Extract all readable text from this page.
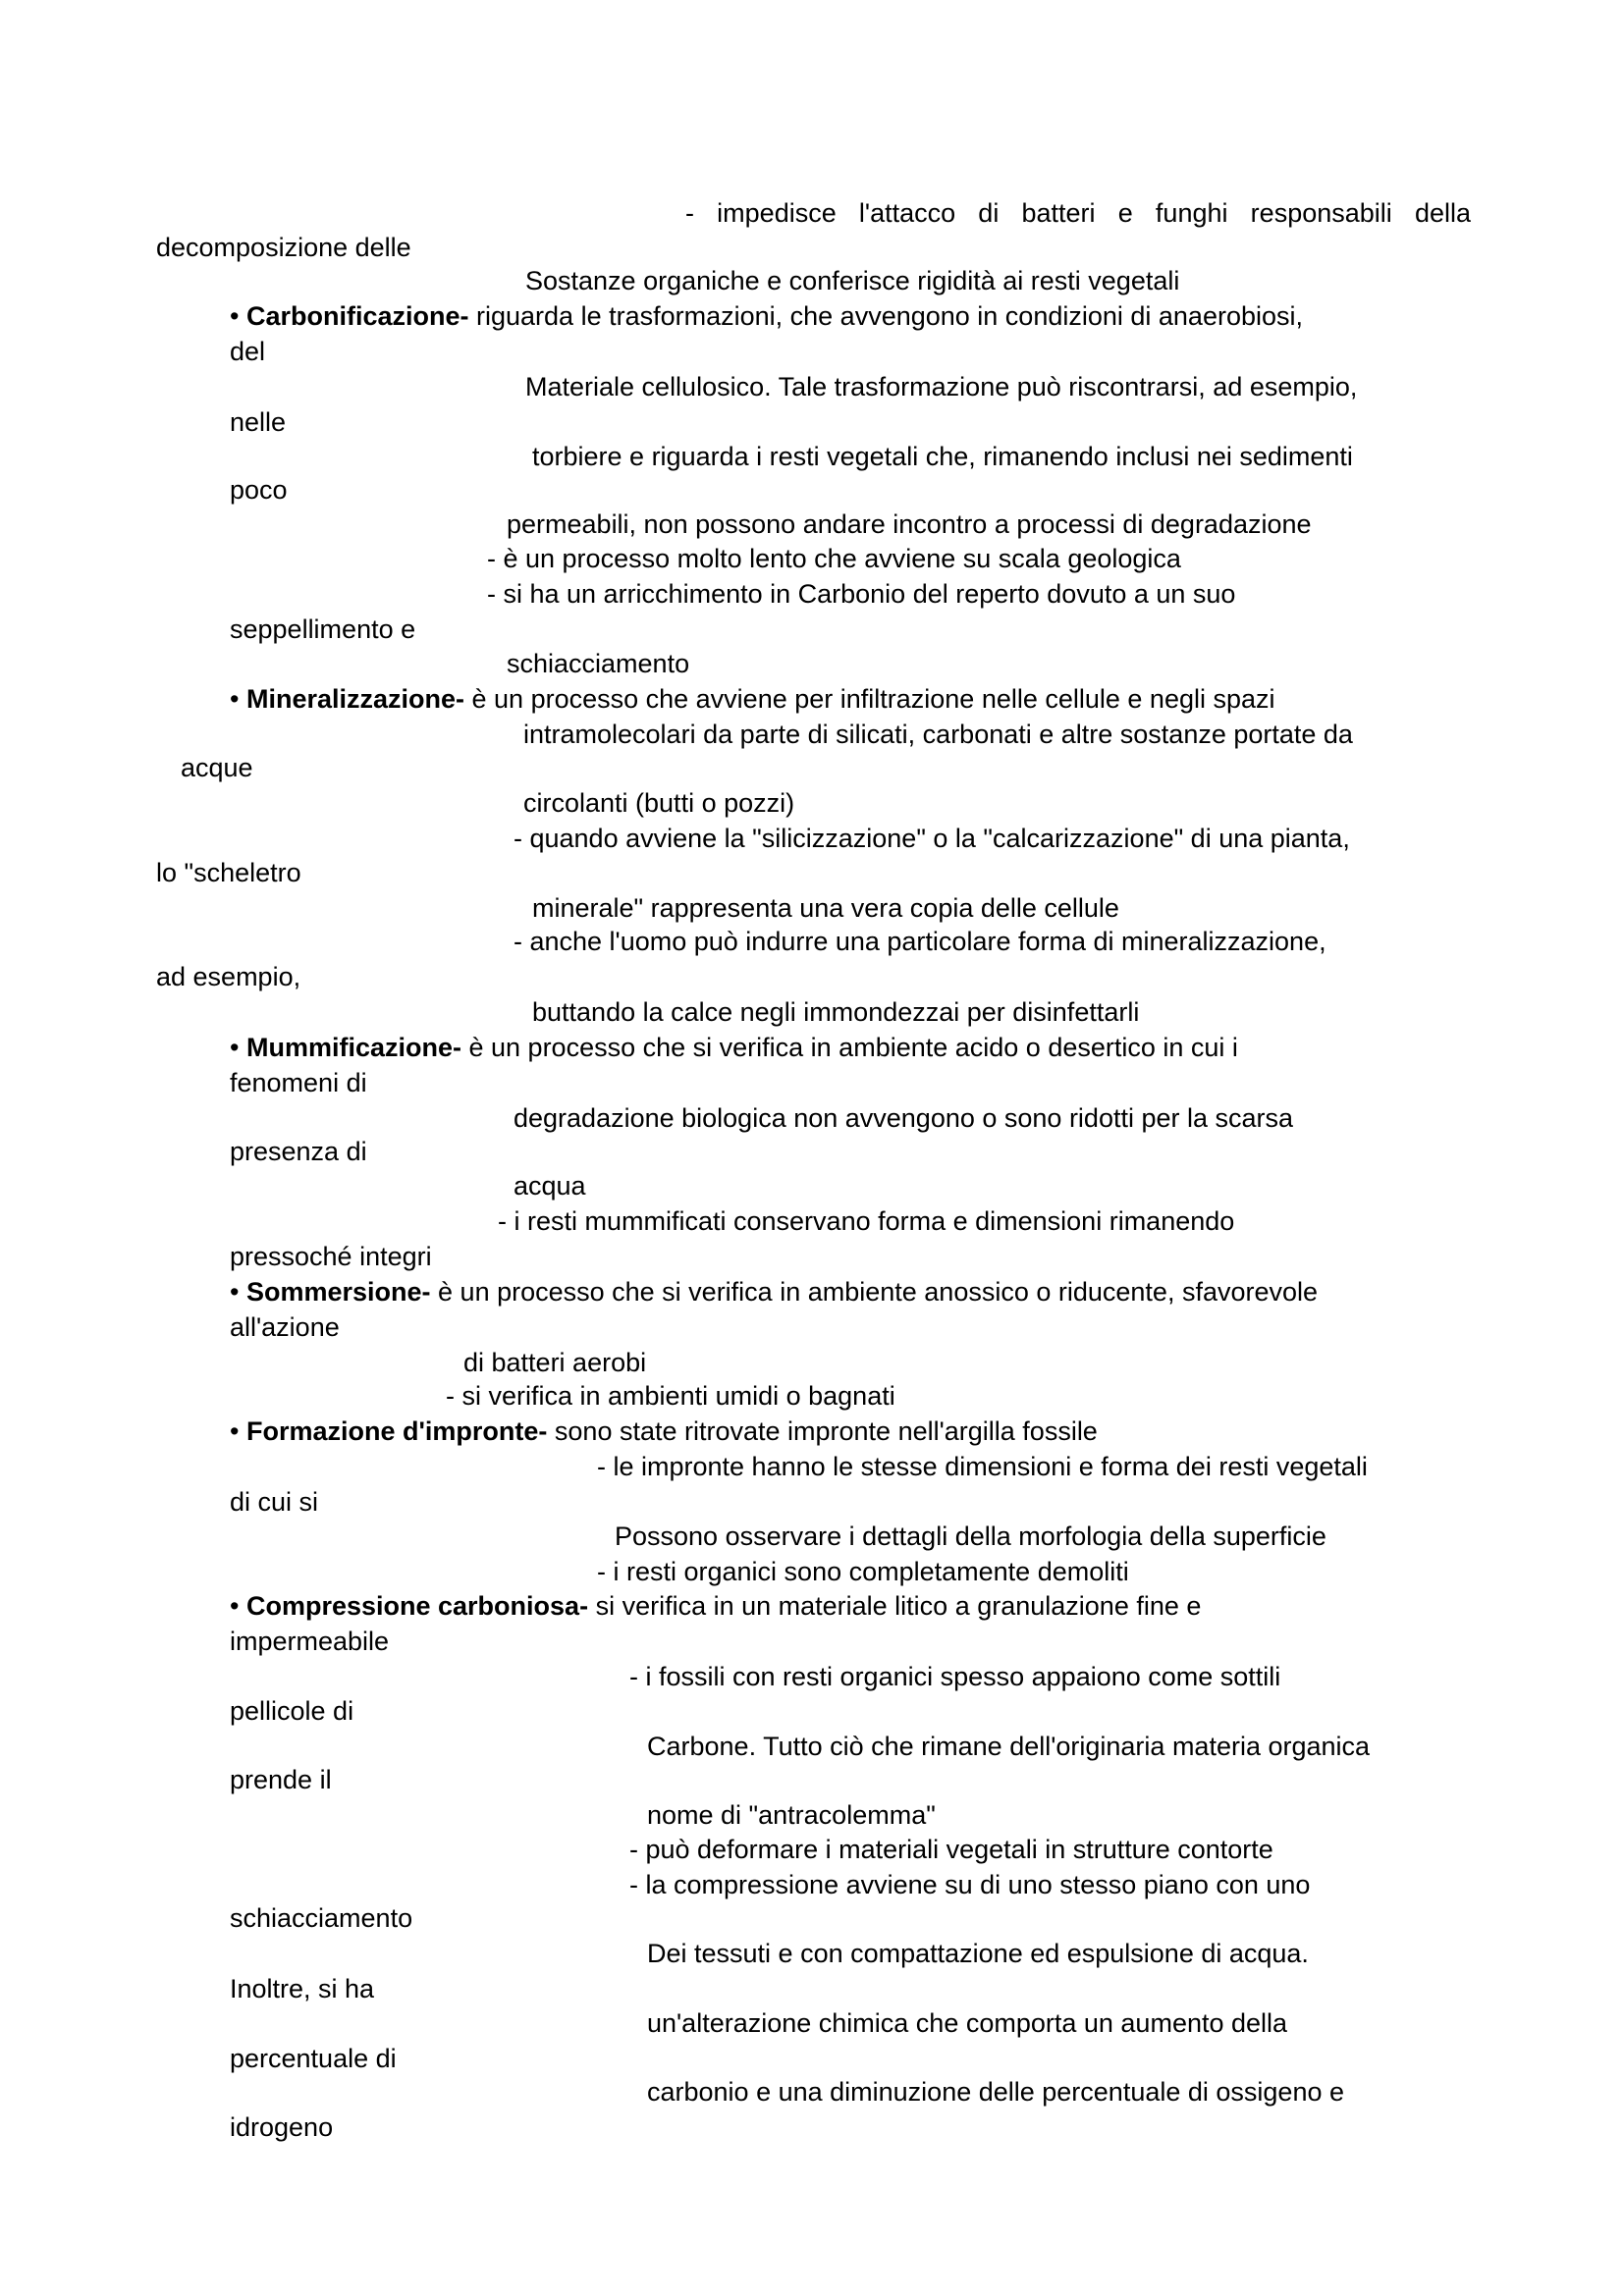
- impedisce l'attacco di batteri e funghi responsabili della
decomposizione delle
Sostanze organiche e conferisce rigidità ai resti vegetali
• Carbonificazione- riguarda le trasformazioni, che avvengono in condizioni di anaerobiosi,
del
Materiale cellulosico. Tale trasformazione può riscontrarsi, ad esempio,
nelle
torbiere e riguarda i resti vegetali che, rimanendo inclusi nei sedimenti
poco
permeabili, non possono andare incontro a processi di degradazione
- è un processo molto lento che avviene su scala geologica
- si ha un arricchimento in Carbonio del reperto dovuto a un suo
seppellimento e
schiacciamento
• Mineralizzazione- è un processo che avviene per infiltrazione nelle cellule e negli spazi
intramolecolari da parte di silicati, carbonati e altre sostanze portate da
acque
circolanti (butti o pozzi)
- quando avviene la "silicizzazione" o la "calcarizzazione" di una pianta,
lo "scheletro
minerale" rappresenta una vera copia delle cellule
- anche l'uomo può indurre una particolare forma di mineralizzazione,
ad esempio,
buttando la calce negli immondezzai per disinfettarli
• Mummificazione- è un processo che si verifica in ambiente acido o desertico in cui i
fenomeni di
degradazione biologica non avvengono o sono ridotti per la scarsa
presenza di
acqua
- i resti mummificati conservano forma e dimensioni rimanendo
pressoché integri
• Sommersione- è un processo che si verifica in ambiente anossico o riducente, sfavorevole
all'azione
di batteri aerobi
- si verifica in ambienti umidi o bagnati
• Formazione d'impronte- sono state ritrovate impronte nell'argilla fossile
- le impronte hanno le stesse dimensioni e forma dei resti vegetali
di cui si
Possono osservare i dettagli della morfologia della superficie
- i resti organici sono completamente demoliti
• Compressione carboniosa- si verifica in un materiale litico a granulazione fine e
impermeabile
- i fossili con resti organici spesso appaiono come sottili
pellicole di
Carbone. Tutto ciò che rimane dell'originaria materia organica
prende il
nome di "antracolemma"
- può deformare i materiali vegetali in strutture contorte
- la compressione avviene su di uno stesso piano con uno
schiacciamento
Dei tessuti e con compattazione ed espulsione di acqua.
Inoltre, si ha
un'alterazione chimica che comporta un aumento della
percentuale di
carbonio e una diminuzione delle percentuale di ossigeno e
idrogeno
